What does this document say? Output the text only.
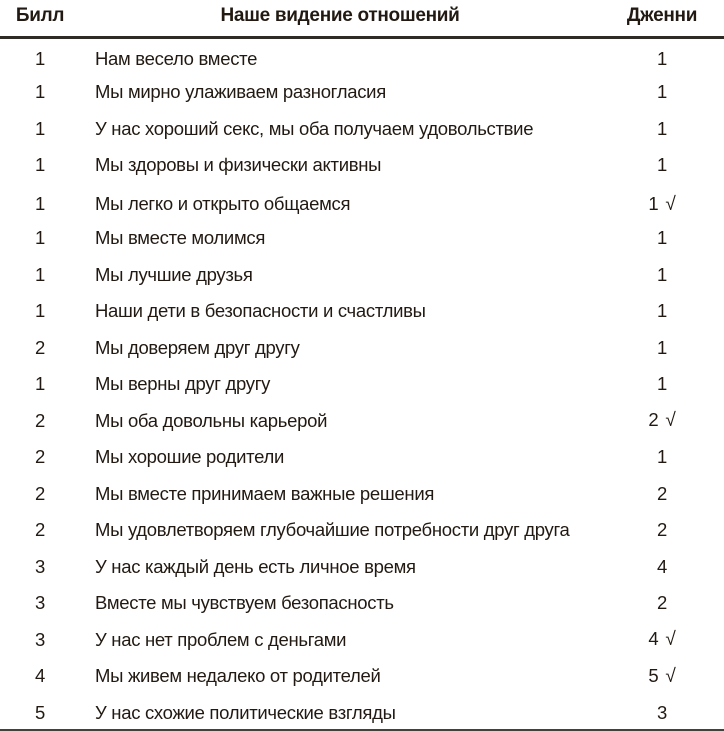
Билл	Наше видение отношений	Дженни
1	Нам весело вместе	1
1	Мы мирно улаживаем разногласия	1
1	У нас хороший секс, мы оба получаем удовольствие	1
1	Мы здоровы и физически активны	1
1	Мы легко и открыто общаемся	1 √
1	Мы вместе молимся	1
1	Мы лучшие друзья	1
1	Наши дети в безопасности и счастливы	1
2	Мы доверяем друг другу	1
1	Мы верны друг другу	1
2	Мы оба довольны карьерой	2 √
2	Мы хорошие родители	1
2	Мы вместе принимаем важные решения	2
2	Мы удовлетворяем глубочайшие потребности друг друга	2
3	У нас каждый день есть личное время	4
3	Вместе мы чувствуем безопасность	2
3	У нас нет проблем с деньгами	4 √
4	Мы живем недалеко от родителей	5 √
5	У нас схожие политические взгляды	3
